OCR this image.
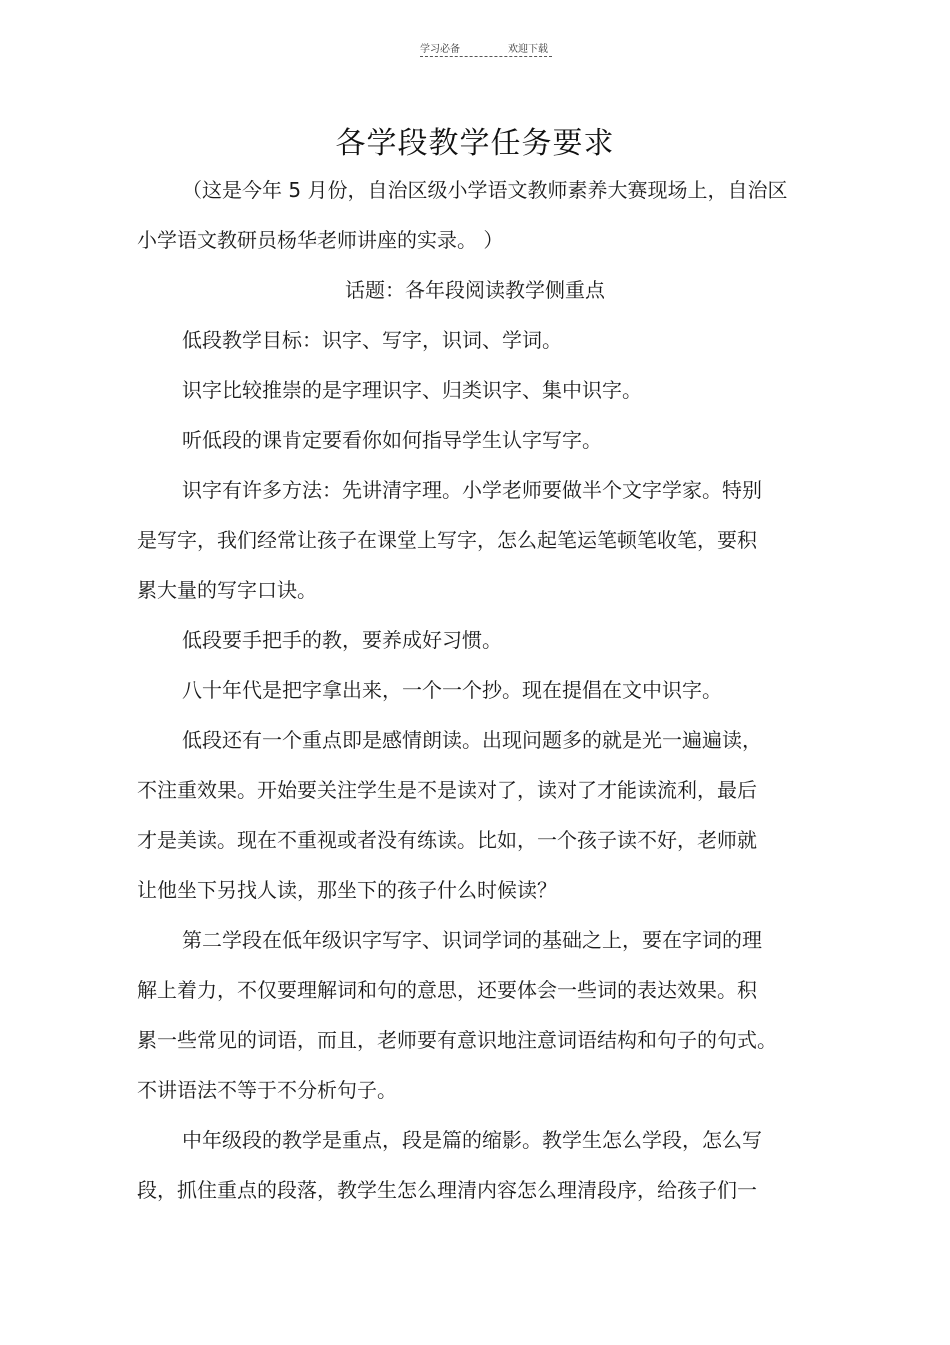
学习必备	欢迎下载
各学段教学任务要求
（这是今年 5 月份，自治区级小学语文教师素养大赛现场上，自治区
小学语文教研员杨华老师讲座的实录。 ）
话题：各年段阅读教学侧重点
低段教学目标：识字、写字，识词、学词。
识字比较推崇的是字理识字、归类识字、集中识字。
听低段的课肯定要看你如何指导学生认字写字。
识字有许多方法：先讲清字理。小学老师要做半个文字学家。特别
是写字，我们经常让孩子在课堂上写字，怎么起笔运笔顿笔收笔，要积
累大量的写字口诀。
低段要手把手的教，要养成好习惯。
八十年代是把字拿出来，一个一个抄。现在提倡在文中识字。
低段还有一个重点即是感情朗读。出现问题多的就是光一遍遍读，
不注重效果。开始要关注学生是不是读对了，读对了才能读流利，最后
才是美读。现在不重视或者没有练读。比如，一个孩子读不好，老师就
让他坐下另找人读，那坐下的孩子什么时候读？
第二学段在低年级识字写字、识词学词的基础之上，要在字词的理
解上着力，不仅要理解词和句的意思，还要体会一些词的表达效果。积
累一些常见的词语，而且，老师要有意识地注意词语结构和句子的句式。
不讲语法不等于不分析句子。
中年级段的教学是重点，段是篇的缩影。教学生怎么学段，怎么写
段，抓住重点的段落，教学生怎么理清内容怎么理清段序，给孩子们一
